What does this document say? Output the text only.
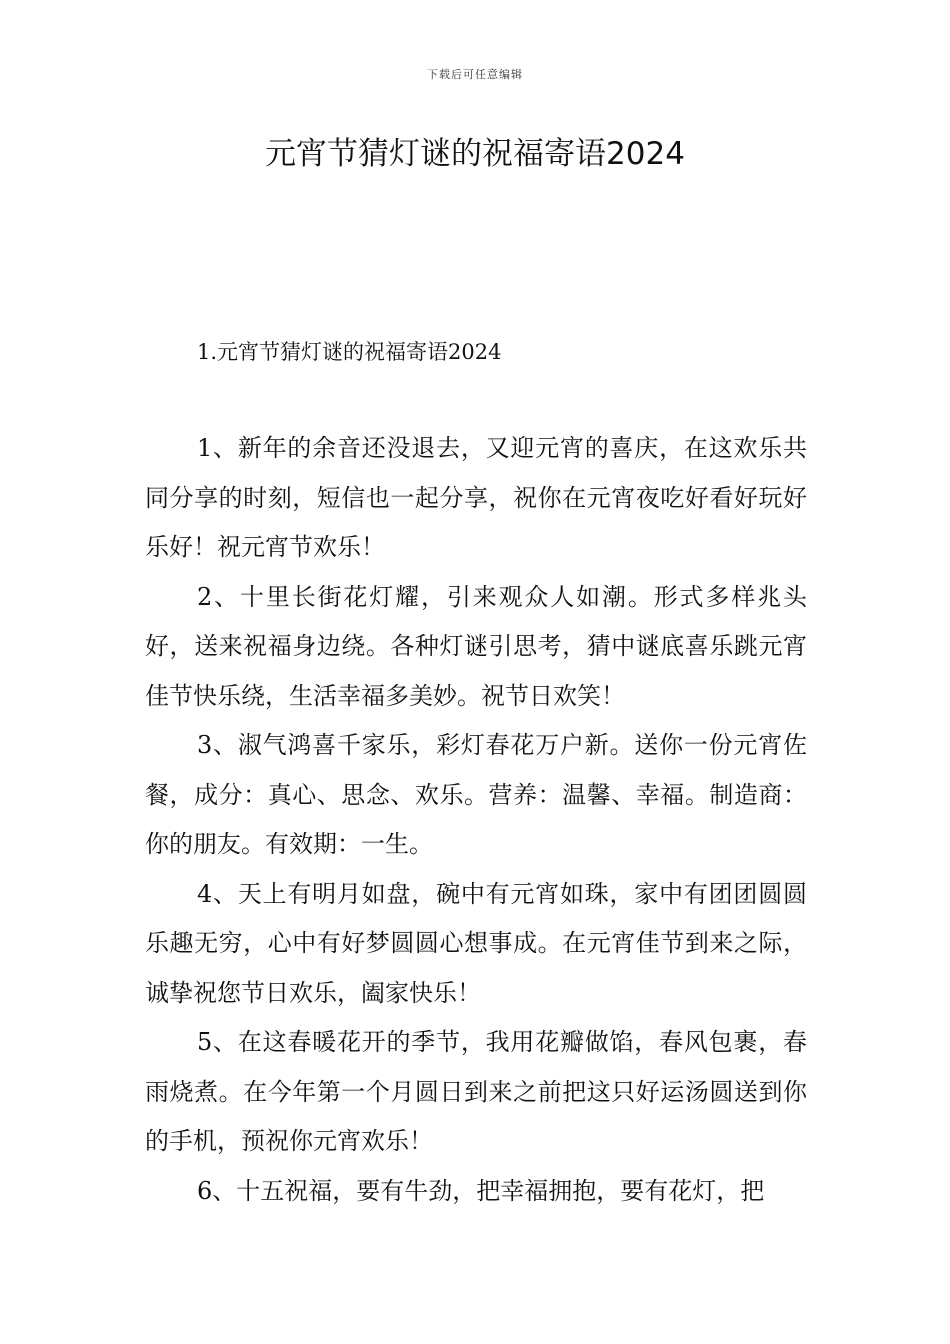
下载后可任意编辑
元宵节猜灯谜的祝福寄语2024
1.元宵节猜灯谜的祝福寄语2024

1、新年的余音还没退去，又迎元宵的喜庆，在这欢乐共同分享的时刻，短信也一起分享，祝你在元宵夜吃好看好玩好乐好！祝元宵节欢乐！

2、十里长街花灯耀，引来观众人如潮。形式多样兆头好，送来祝福身边绕。各种灯谜引思考，猜中谜底喜乐跳元宵佳节快乐绕，生活幸福多美妙。祝节日欢笑！

3、淑气鸿喜千家乐，彩灯春花万户新。送你一份元宵佐餐，成分：真心、思念、欢乐。营养：温馨、幸福。制造商：你的朋友。有效期：一生。

4、天上有明月如盘，碗中有元宵如珠，家中有团团圆圆乐趣无穷，心中有好梦圆圆心想事成。在元宵佳节到来之际，诚挚祝您节日欢乐，阖家快乐！

5、在这春暖花开的季节，我用花瓣做馅，春风包裹，春雨烧煮。在今年第一个月圆日到来之前把这只好运汤圆送到你的手机，预祝你元宵欢乐！

6、十五祝福，要有牛劲，把幸福拥抱，要有花灯，把
